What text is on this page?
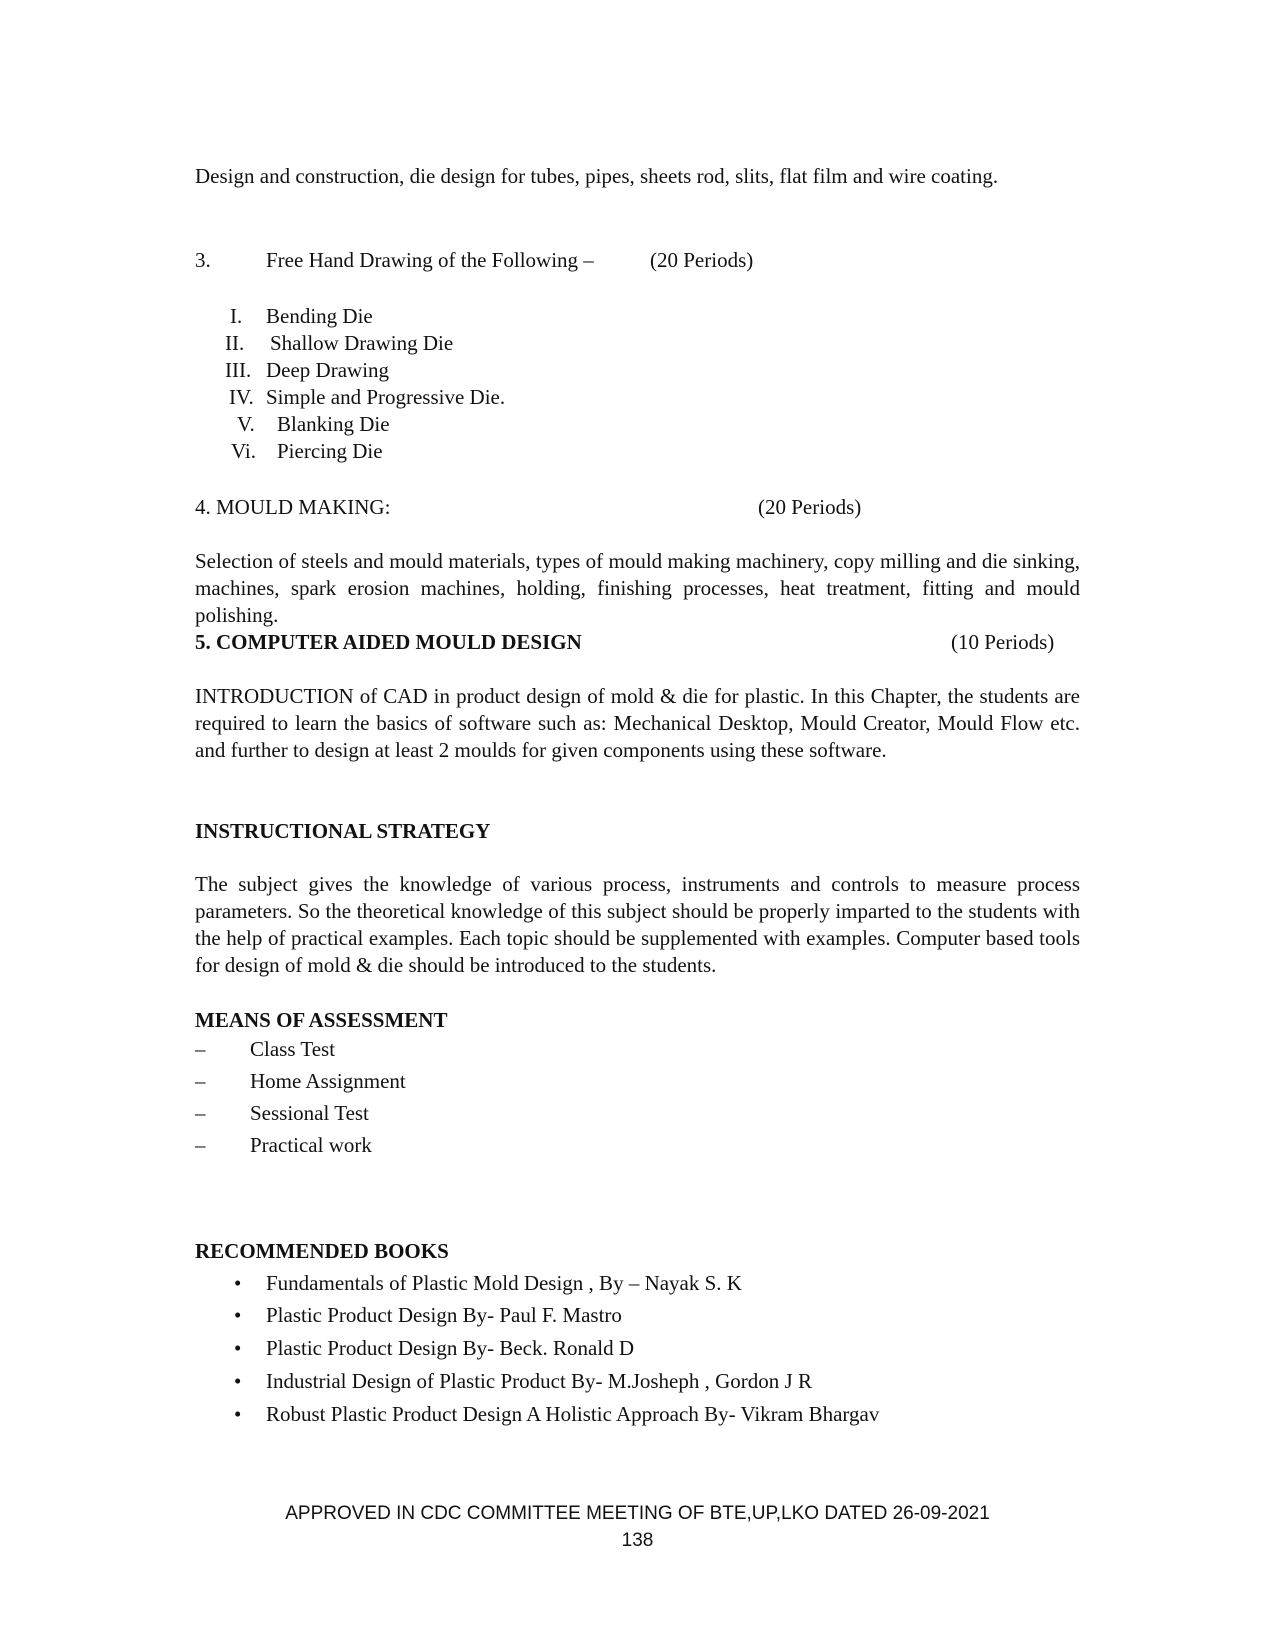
Design and construction, die design for tubes, pipes, sheets rod, slits, flat film and wire coating.
3.	Free Hand Drawing of the Following –	(20 Periods)
I. Bending Die
II. Shallow Drawing Die
III. Deep Drawing
IV. Simple and Progressive Die.
V. Blanking Die
Vi. Piercing Die
4. MOULD MAKING:	(20 Periods)
Selection of steels and mould materials, types of mould making machinery, copy milling and die sinking, machines, spark erosion machines, holding, finishing processes, heat treatment, fitting and mould polishing.
5. COMPUTER AIDED MOULD DESIGN	(10 Periods)
INTRODUCTION of CAD in product design of mold & die for plastic. In this Chapter, the students are required to learn the basics of software such as: Mechanical Desktop, Mould Creator, Mould Flow etc. and further to design at least 2 moulds for given components using these software.
INSTRUCTIONAL STRATEGY
The subject gives the knowledge of various process, instruments and controls to measure process parameters. So the theoretical knowledge of this subject should be properly imparted to the students with the help of practical examples. Each topic should be supplemented with examples. Computer based tools for design of mold & die should be introduced to the students.
MEANS OF ASSESSMENT
– Class Test
– Home Assignment
– Sessional Test
– Practical work
RECOMMENDED BOOKS
• Fundamentals of Plastic Mold Design , By – Nayak S. K
• Plastic Product Design By- Paul F. Mastro
• Plastic Product Design By- Beck. Ronald D
• Industrial Design of Plastic Product By- M.Josheph , Gordon J R
• Robust Plastic Product Design A Holistic Approach By- Vikram Bhargav
APPROVED IN CDC COMMITTEE MEETING OF BTE,UP,LKO DATED 26-09-2021
138
